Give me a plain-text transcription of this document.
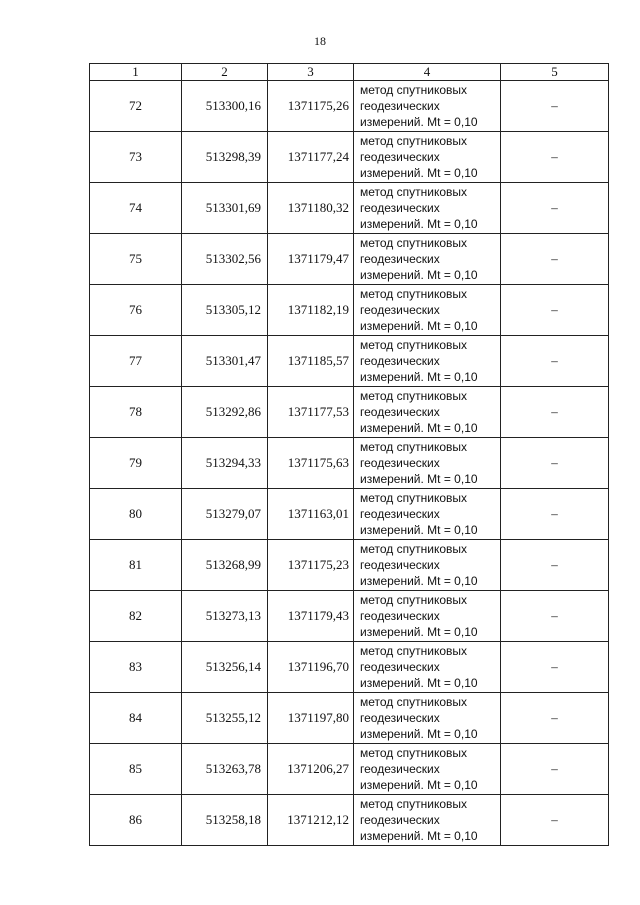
18
1	2	3	4	5
72	513300,16	1371175,26	метод спутниковых
геодезических
измерений. Mt = 0,10	–
73	513298,39	1371177,24	метод спутниковых
геодезических
измерений. Mt = 0,10	–
74	513301,69	1371180,32	метод спутниковых
геодезических
измерений. Mt = 0,10	–
75	513302,56	1371179,47	метод спутниковых
геодезических
измерений. Mt = 0,10	–
76	513305,12	1371182,19	метод спутниковых
геодезических
измерений. Mt = 0,10	–
77	513301,47	1371185,57	метод спутниковых
геодезических
измерений. Mt = 0,10	–
78	513292,86	1371177,53	метод спутниковых
геодезических
измерений. Mt = 0,10	–
79	513294,33	1371175,63	метод спутниковых
геодезических
измерений. Mt = 0,10	–
80	513279,07	1371163,01	метод спутниковых
геодезических
измерений. Mt = 0,10	–
81	513268,99	1371175,23	метод спутниковых
геодезических
измерений. Mt = 0,10	–
82	513273,13	1371179,43	метод спутниковых
геодезических
измерений. Mt = 0,10	–
83	513256,14	1371196,70	метод спутниковых
геодезических
измерений. Mt = 0,10	–
84	513255,12	1371197,80	метод спутниковых
геодезических
измерений. Mt = 0,10	–
85	513263,78	1371206,27	метод спутниковых
геодезических
измерений. Mt = 0,10	–
86	513258,18	1371212,12	метод спутниковых
геодезических
измерений. Mt = 0,10	–
